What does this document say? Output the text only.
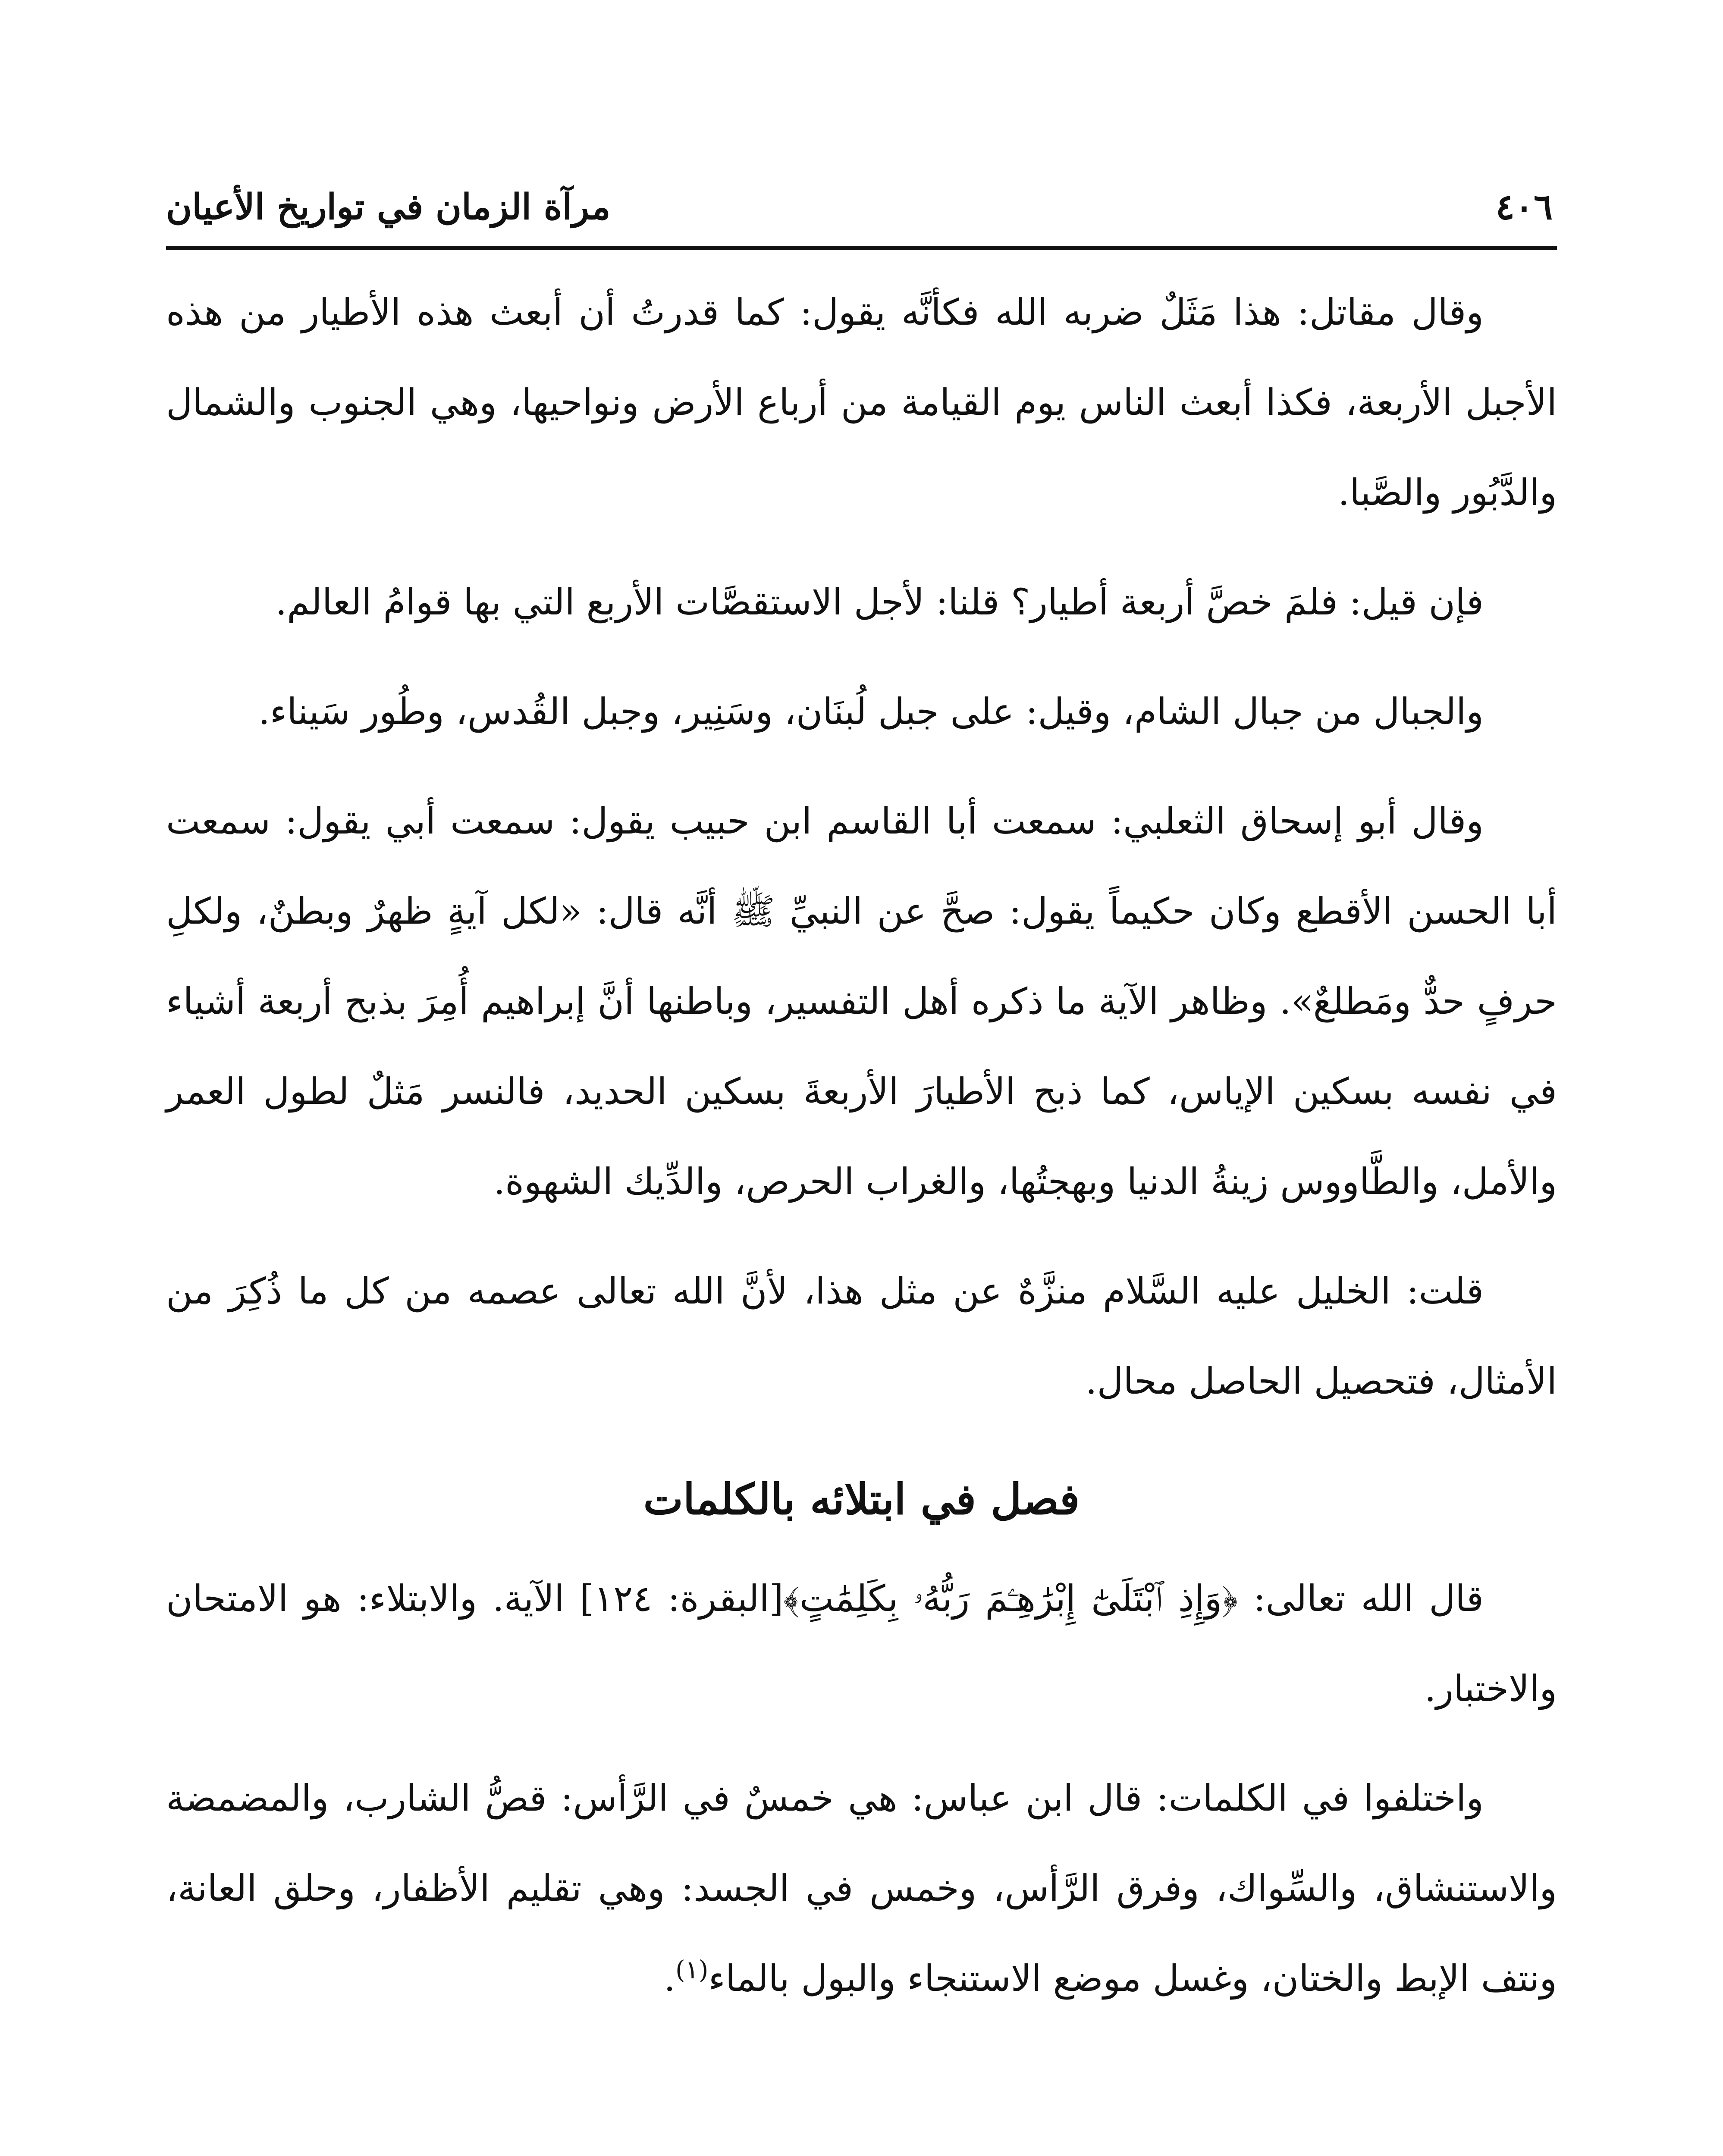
٤٠٦
مرآة الزمان في تواريخ الأعيان

وقال مقاتل: هذا مَثَلٌ ضربه الله فكأنَّه يقول: كما قدرتُ أن أبعث هذه الأطيار من هذه الأجبل الأربعة، فكذا أبعث الناس يوم القيامة من أرباع الأرض ونواحيها، وهي الجنوب والشمال والدَّبُور والصَّبا.

فإن قيل: فلمَ خصَّ أربعة أطيار؟ قلنا: لأجل الاستقصَّات الأربع التي بها قوامُ العالم.

والجبال من جبال الشام، وقيل: على جبل لُبنَان، وسَنِير، وجبل القُدس، وطُور سَيناء.

وقال أبو إسحاق الثعلبي: سمعت أبا القاسم ابن حبيب يقول: سمعت أبي يقول: سمعت أبا الحسن الأقطع وكان حكيماً يقول: صحَّ عن النبيِّ ﷺ أنَّه قال: «لكل آيةٍ ظهرٌ وبطنٌ، ولكلِ حرفٍ حدٌّ ومَطلعٌ». وظاهر الآية ما ذكره أهل التفسير، وباطنها أنَّ إبراهيم أُمِرَ بذبح أربعة أشياء في نفسه بسكين الإياس، كما ذبح الأطيارَ الأربعةَ بسكين الحديد، فالنسر مَثلٌ لطول العمر والأمل، والطَّاووس زينةُ الدنيا وبهجتُها، والغراب الحرص، والدِّيك الشهوة.

قلت: الخليل عليه السَّلام منزَّهٌ عن مثل هذا، لأنَّ الله تعالى عصمه من كل ما ذُكِرَ من الأمثال، فتحصيل الحاصل محال.

فصل في ابتلائه بالكلمات

قال الله تعالى: ﴿وَإِذِ ٱبْتَلَىٰٓ إِبْرَٰهِـۧمَ رَبُّهُۥ بِكَلِمَٰتٍ﴾[البقرة: ١٢٤] الآية. والابتلاء: هو الامتحان والاختبار.

واختلفوا في الكلمات: قال ابن عباس: هي خمسٌ في الرَّأس: قصُّ الشارب، والمضمضة والاستنشاق، والسِّواك، وفرق الرَّأس، وخمس في الجسد: وهي تقليم الأظفار، وحلق العانة، ونتف الإبط والختان، وغسل موضع الاستنجاء والبول بالماء$^{(١)}$.
